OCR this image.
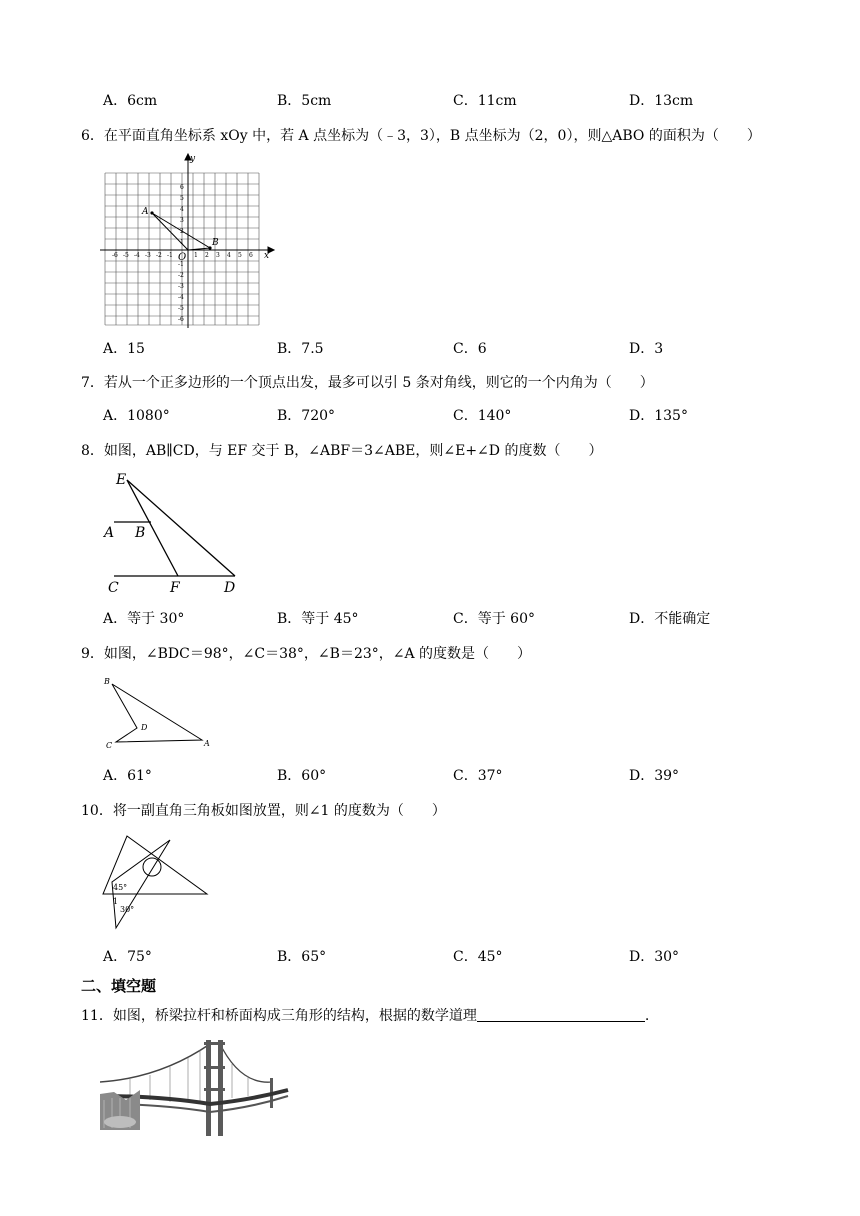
A．6cm	B．5cm	C．11cm	D．13cm
6．在平面直角坐标系 xOy 中，若 A 点坐标为（﹣3，3），B 点坐标为（2，0），则△ABO 的面积为（　　）
x
y
-6 -5 -4 -3 -2 -1	1 2 3 4 5 6
6
5
4
3
2
1
-1
-2
-3
-4
-5
-6
A
B
O
A．15	B．7.5	C．6	D．3
7．若从一个正多边形的一个顶点出发，最多可以引 5 条对角线，则它的一个内角为（　　）
A．1080°	B．720°	C．140°	D．135°
8．如图，AB∥CD，与 EF 交于 B，∠ABF＝3∠ABE，则∠E+∠D 的度数（　　）
E
A B
C	F	D
A．等于 30°	B．等于 45°	C．等于 60°	D．不能确定
9．如图，∠BDC＝98°，∠C＝38°，∠B＝23°，∠A 的度数是（　　）
B
D
C	A
A．61°	B．60°	C．37°	D．39°
10．将一副直角三角板如图放置，则∠1 的度数为（　　）
45°
1
30°
A．75°	B．65°	C．45°	D．30°
二、填空题
11．如图，桥梁拉杆和桥面构成三角形的结构，根据的数学道理	.
